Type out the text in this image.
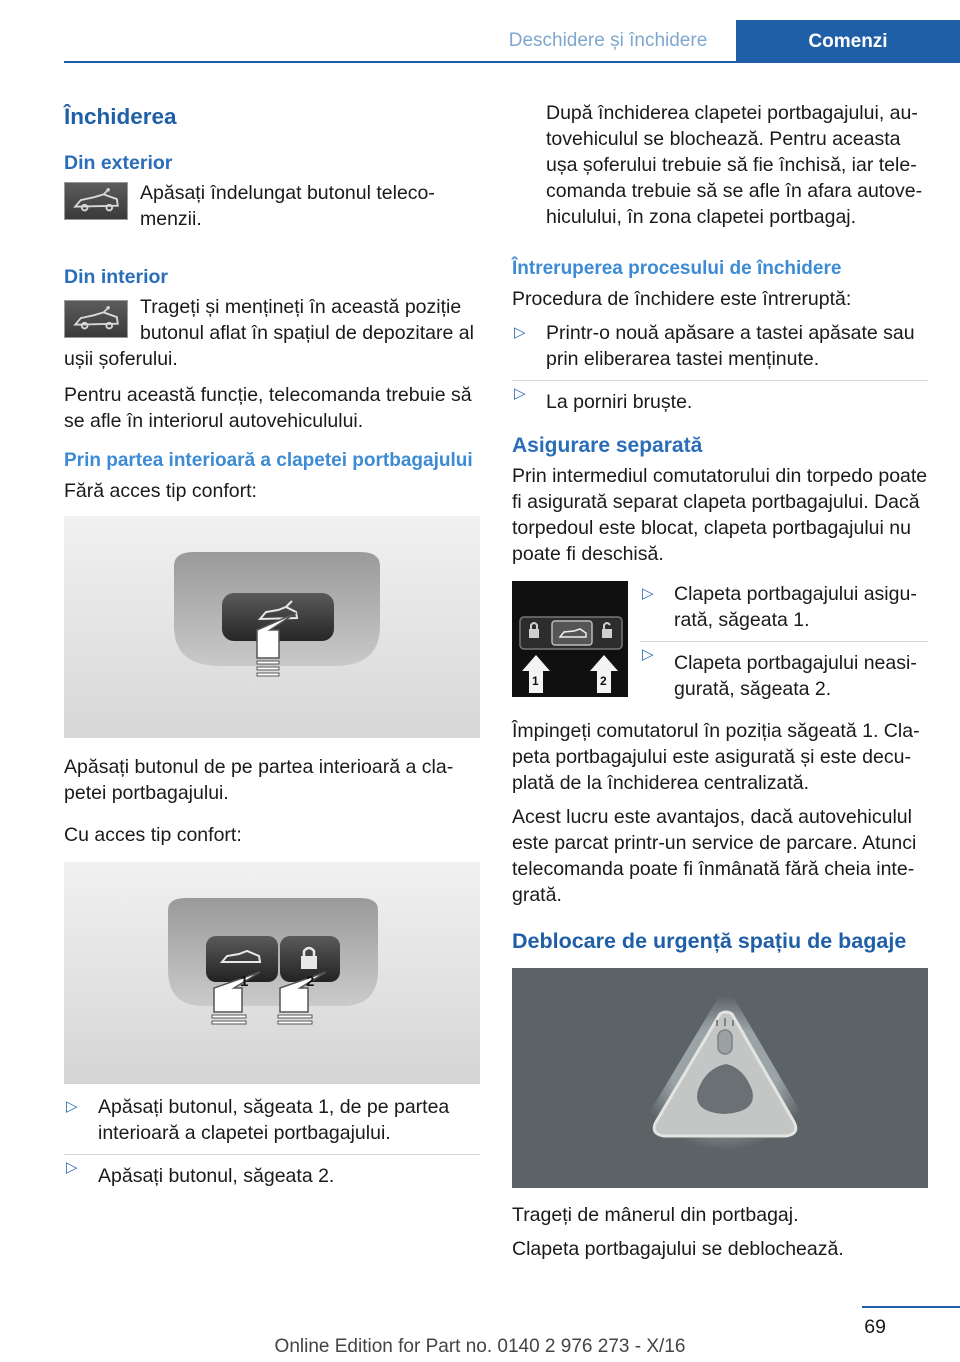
Deschidere și închidere	Comenzi
Închiderea
Din exterior
Apăsați îndelungat butonul telecomenzii.
Din interior
Trageți și mențineți în această poziție butonul aflat în spațiul de depozitare al ușii șoferului.

Pentru această funcție, telecomanda trebuie să se afle în interiorul autovehiculului.

Prin partea interioară a clapetei portbagajului

Fără acces tip confort:

Apăsați butonul de pe partea interioară a clapetei portbagajului.

Cu acces tip confort:

1	2
▷ Apăsați butonul, săgeata 1, de pe partea interioară a clapetei portbagajului.
▷ Apăsați butonul, săgeata 2.

După închiderea clapetei portbagajului, autovehiculul se blochează. Pentru aceasta ușa șoferului trebuie să fie închisă, iar telecomanda trebuie să se afle în afara autovehiculului, în zona clapetei portbagaj.

Întreruperea procesului de închidere

Procedura de închidere este întreruptă:

▷ Printr-o nouă apăsare a tastei apăsate sau prin eliberarea tastei menținute.
▷ La porniri bruște.
Asigurare separată

Prin intermediul comutatorului din torpedo poate fi asigurată separat clapeta portbagajului. Dacă torpedoul este blocat, clapeta portbagajului nu poate fi deschisă.

1	2
▷ Clapeta portbagajului asigurată, săgeata 1.
▷ Clapeta portbagajului neasigurată, săgeata 2.

Împingeți comutatorul în poziția săgeată 1. Clapeta portbagajului este asigurată și este decuplată de la închiderea centralizată.

Acest lucru este avantajos, dacă autovehiculul este parcat printr-un service de parcare. Atunci telecomanda poate fi înmânată fără cheia integrată.

Deblocare de urgență spațiu de bagaje

Trageți de mânerul din portbagaj.

Clapeta portbagajului se deblochează.

69
Online Edition for Part no. 0140 2 976 273 - X/16
